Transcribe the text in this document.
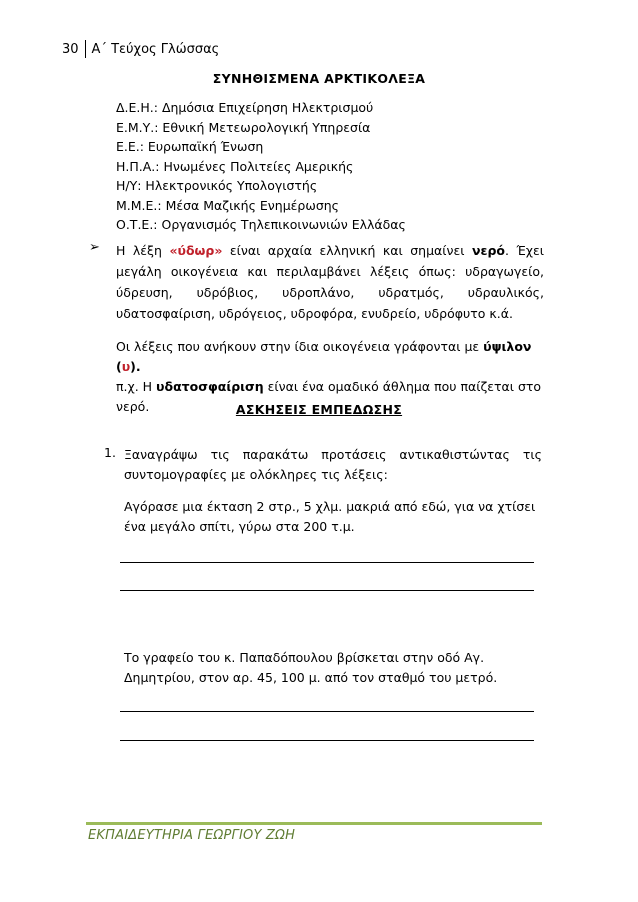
30	Α΄ Τεύχος Γλώσσας
ΣΥΝΗΘΙΣΜΕΝΑ ΑΡΚΤΙΚΟΛΕΞΑ
Δ.Ε.Η.: Δημόσια Επιχείρηση Ηλεκτρισμού
Ε.Μ.Υ.: Εθνική Μετεωρολογική Υπηρεσία
Ε.Ε.: Ευρωπαϊκή Ένωση
Η.Π.Α.: Ηνωμένες Πολιτείες Αμερικής
Η/Υ: Ηλεκτρονικός Υπολογιστής
Μ.Μ.Ε.: Μέσα Μαζικής Ενημέρωσης
Ο.Τ.Ε.: Οργανισμός Τηλεπικοινωνιών Ελλάδας
➢ Η λέξη «ύδωρ» είναι αρχαία ελληνική και σημαίνει νερό. Έχει μεγάλη οικογένεια και περιλαμβάνει λέξεις όπως: υδραγωγείο, ύδρευση, υδρόβιος, υδροπλάνο, υδρατμός, υδραυλικός, υδατοσφαίριση, υδρόγειος, υδροφόρα, ενυδρείο, υδρόφυτο κ.ά.
Οι λέξεις που ανήκουν στην ίδια οικογένεια γράφονται με ύψιλον (υ).
π.χ. Η υδατοσφαίριση είναι ένα ομαδικό άθλημα που παίζεται στο νερό.	ΑΣΚΗΣΕΙΣ ΕΜΠΕΔΩΣΗΣ
1. Ξαναγράψω τις παρακάτω προτάσεις αντικαθιστώντας τις
συντομογραφίες με ολόκληρες τις λέξεις:
Αγόρασε μια έκταση 2 στρ., 5 χλμ. μακριά από εδώ, για να χτίσει ένα μεγάλο σπίτι, γύρω στα 200 τ.μ.
Το γραφείο του κ. Παπαδόπουλου βρίσκεται στην οδό Αγ. Δημητρίου, στον αρ. 45, 100 μ. από τον σταθμό του μετρό.
ΕΚΠΑΙΔΕΥΤΗΡΙΑ ΓΕΩΡΓΙΟΥ ΖΩΗ
